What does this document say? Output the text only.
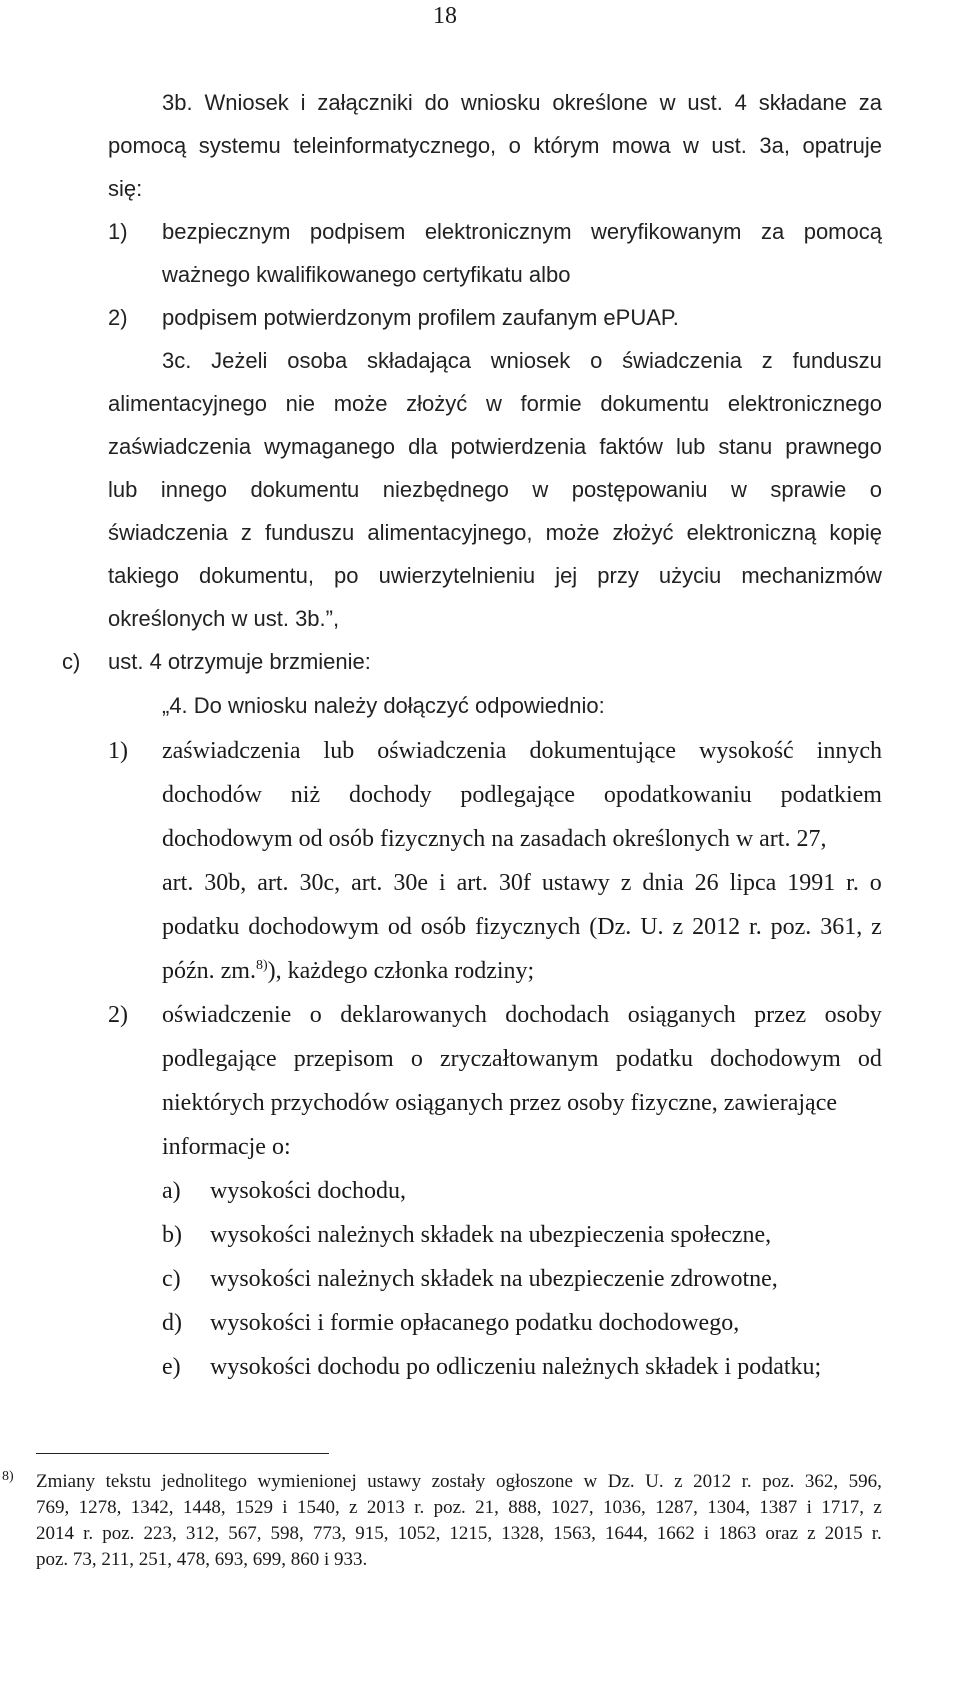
18
3b. Wniosek i załączniki do wniosku określone w ust. 4 składane za
pomocą systemu teleinformatycznego, o którym mowa w ust. 3a, opatruje
się:
1) bezpiecznym podpisem elektronicznym weryfikowanym za pomocą
ważnego kwalifikowanego certyfikatu albo
2) podpisem potwierdzonym profilem zaufanym ePUAP.
3c. Jeżeli osoba składająca wniosek o świadczenia z funduszu
alimentacyjnego nie może złożyć w formie dokumentu elektronicznego
zaświadczenia wymaganego dla potwierdzenia faktów lub stanu prawnego
lub innego dokumentu niezbędnego w postępowaniu w sprawie o
świadczenia z funduszu alimentacyjnego, może złożyć elektroniczną kopię
takiego dokumentu, po uwierzytelnieniu jej przy użyciu mechanizmów
określonych w ust. 3b.”,
c) ust. 4 otrzymuje brzmienie:
„4. Do wniosku należy dołączyć odpowiednio:
1) zaświadczenia lub oświadczenia dokumentujące wysokość innych
dochodów niż dochody podlegające opodatkowaniu podatkiem
dochodowym od osób fizycznych na zasadach określonych w art. 27,
art. 30b, art. 30c, art. 30e i art. 30f ustawy z dnia 26 lipca 1991 r. o
podatku dochodowym od osób fizycznych (Dz. U. z 2012 r. poz. 361, z
późn. zm.$^{8)}$), każdego członka rodziny;
2) oświadczenie o deklarowanych dochodach osiąganych przez osoby
podlegające przepisom o zryczałtowanym podatku dochodowym od
niektórych przychodów osiąganych przez osoby fizyczne, zawierające
informacje o:
a) wysokości dochodu,
b) wysokości należnych składek na ubezpieczenia społeczne,
c) wysokości należnych składek na ubezpieczenie zdrowotne,
d) wysokości i formie opłacanego podatku dochodowego,
e) wysokości dochodu po odliczeniu należnych składek i podatku;
8) Zmiany tekstu jednolitego wymienionej ustawy zostały ogłoszone w Dz. U. z 2012 r. poz. 362, 596,
769, 1278, 1342, 1448, 1529 i 1540, z 2013 r. poz. 21, 888, 1027, 1036, 1287, 1304, 1387 i 1717, z
2014 r. poz. 223, 312, 567, 598, 773, 915, 1052, 1215, 1328, 1563, 1644, 1662 i 1863 oraz z 2015 r.
poz. 73, 211, 251, 478, 693, 699, 860 i 933.
